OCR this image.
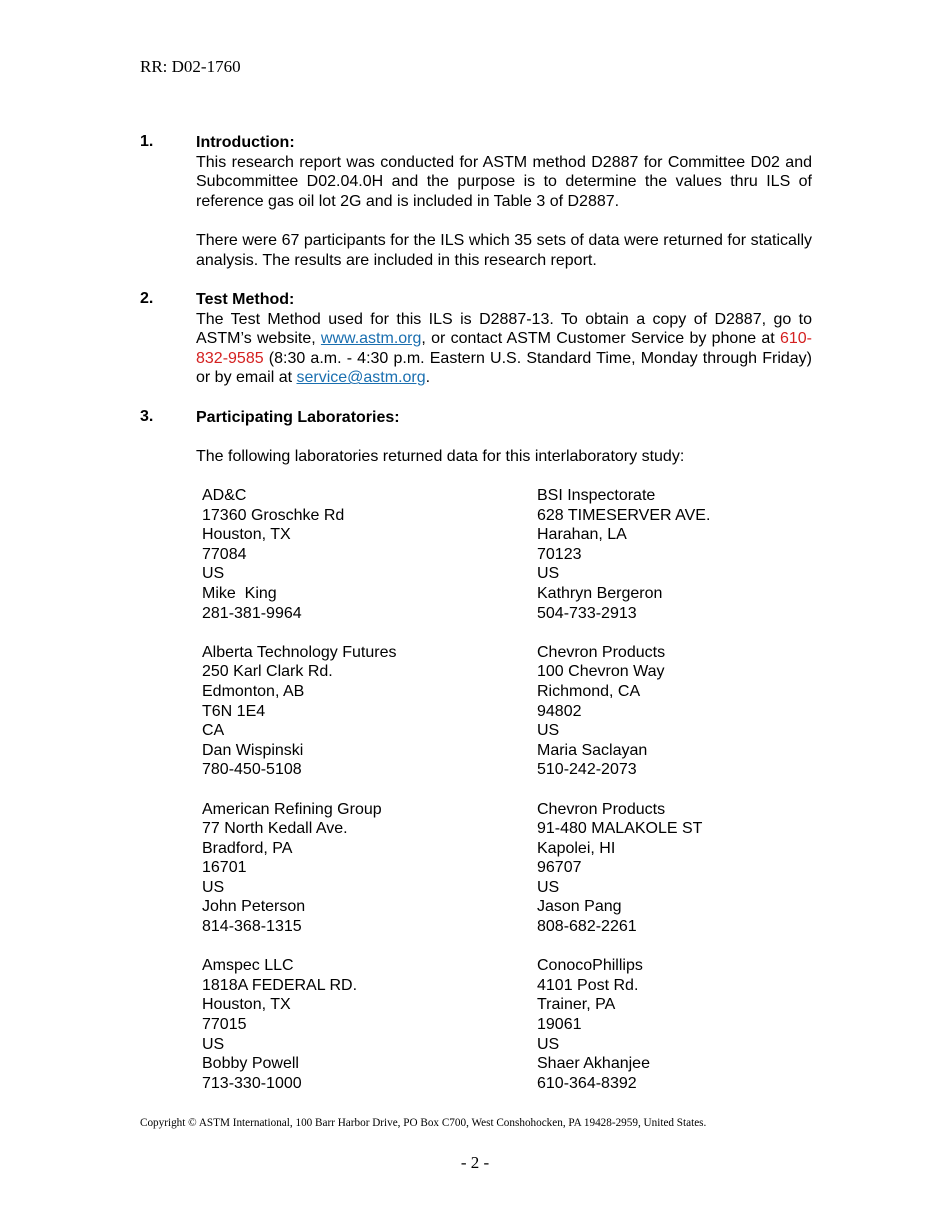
RR: D02-1760
1.	Introduction:

This research report was conducted for ASTM method D2887 for Committee D02 and Subcommittee D02.04.0H and the purpose is to determine the values thru ILS of reference gas oil lot 2G and is included in Table 3 of D2887.

There were 67 participants for the ILS which 35 sets of data were returned for statically analysis. The results are included in this research report.

2.	Test Method:

The Test Method used for this ILS is D2887-13. To obtain a copy of D2887, go to ASTM’s website, www.astm.org, or contact ASTM Customer Service by phone at 610-832-9585 (8:30 a.m. - 4:30 p.m. Eastern U.S. Standard Time, Monday through Friday) or by email at service@astm.org.

3.	Participating Laboratories:

The following laboratories returned data for this interlaboratory study:

AD&C
17360 Groschke Rd
Houston, TX
77084
US
Mike  King
281-381-9964
BSI Inspectorate
628 TIMESERVER AVE.
Harahan, LA
70123
US
Kathryn Bergeron
504-733-2913
Alberta Technology Futures
250 Karl Clark Rd.
Edmonton, AB
T6N 1E4
CA
Dan Wispinski
780-450-5108
Chevron Products
100 Chevron Way
Richmond, CA
94802
US
Maria Saclayan
510-242-2073
American Refining Group
77 North Kedall Ave.
Bradford, PA
16701
US
John Peterson
814-368-1315
Chevron Products
91-480 MALAKOLE ST
Kapolei, HI
96707
US
Jason Pang
808-682-2261
Amspec LLC
1818A FEDERAL RD.
Houston, TX
77015
US
Bobby Powell
713-330-1000
ConocoPhillips
4101 Post Rd.
Trainer, PA
19061
US
Shaer Akhanjee
610-364-8392
Copyright © ASTM International, 100 Barr Harbor Drive, PO Box C700, West Conshohocken, PA 19428-2959, United States.
- 2 -
